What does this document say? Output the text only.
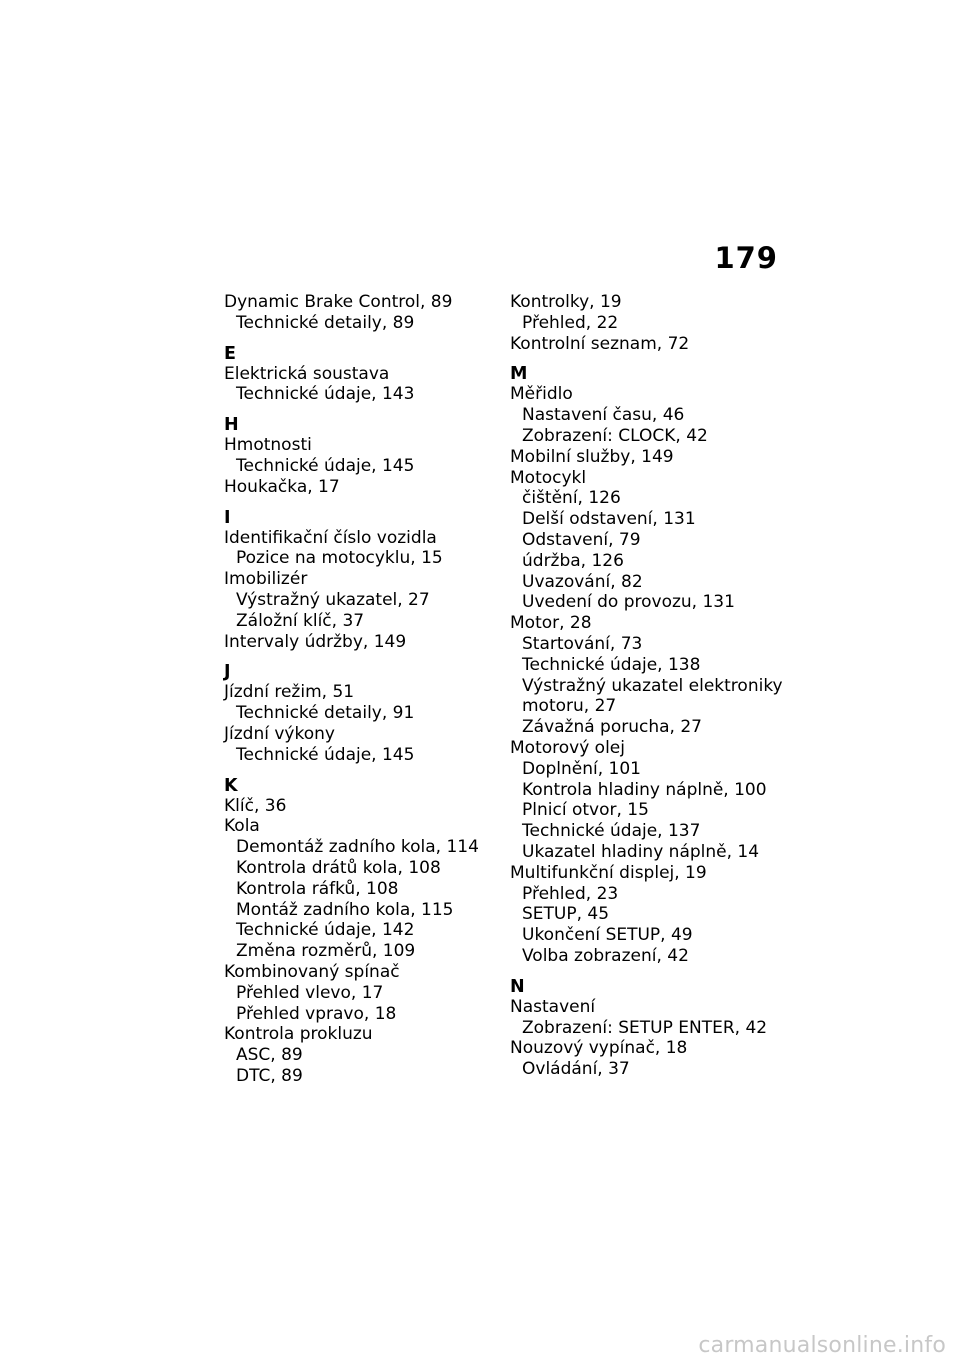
179
Dynamic Brake Control, 89
Technické detaily, 89
E
Elektrická soustava
Technické údaje, 143
H
Hmotnosti
Technické údaje, 145
Houkačka, 17
I
Identifikační číslo vozidla
Pozice na motocyklu, 15
Imobilizér
Výstražný ukazatel, 27
Záložní klíč, 37
Intervaly údržby, 149
J
Jízdní režim, 51
Technické detaily, 91
Jízdní výkony
Technické údaje, 145
K
Klíč, 36
Kola
Demontáž zadního kola, 114
Kontrola drátů kola, 108
Kontrola ráfků, 108
Montáž zadního kola, 115
Technické údaje, 142
Změna rozměrů, 109
Kombinovaný spínač
Přehled vlevo, 17
Přehled vpravo, 18
Kontrola prokluzu
ASC, 89
DTC, 89
Kontrolky, 19
Přehled, 22
Kontrolní seznam, 72
M
Měřidlo
Nastavení času, 46
Zobrazení: CLOCK, 42
Mobilní služby, 149
Motocykl
čištění, 126
Delší odstavení, 131
Odstavení, 79
údržba, 126
Uvazování, 82
Uvedení do provozu, 131
Motor, 28
Startování, 73
Technické údaje, 138
Výstražný ukazatel elektroniky
motoru, 27
Závažná porucha, 27
Motorový olej
Doplnění, 101
Kontrola hladiny náplně, 100
Plnicí otvor, 15
Technické údaje, 137
Ukazatel hladiny náplně, 14
Multifunkční displej, 19
Přehled, 23
SETUP, 45
Ukončení SETUP, 49
Volba zobrazení, 42
N
Nastavení
Zobrazení: SETUP ENTER, 42
Nouzový vypínač, 18
Ovládání, 37
carmanualsonline.info
